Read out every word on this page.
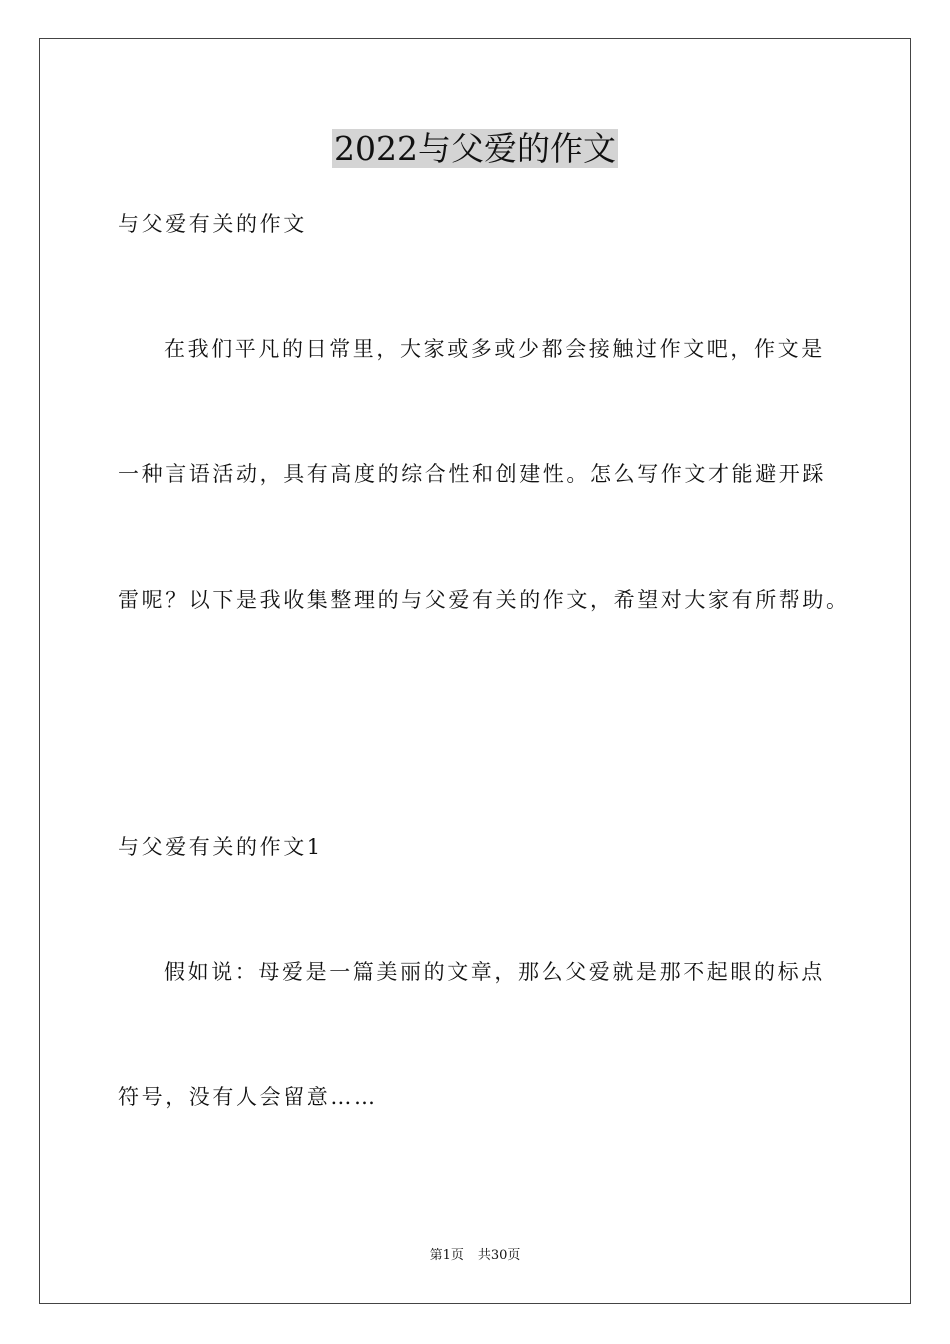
2022与父爱的作文

与父爱有关的作文

在我们平凡的日常里，大家或多或少都会接触过作文吧，作文是

一种言语活动，具有高度的综合性和创建性。怎么写作文才能避开踩

雷呢？以下是我收集整理的与父爱有关的作文，希望对大家有所帮助。

与父爱有关的作文1

假如说：母爱是一篇美丽的文章，那么父爱就是那不起眼的标点

符号，没有人会留意……

第1页 共30页
